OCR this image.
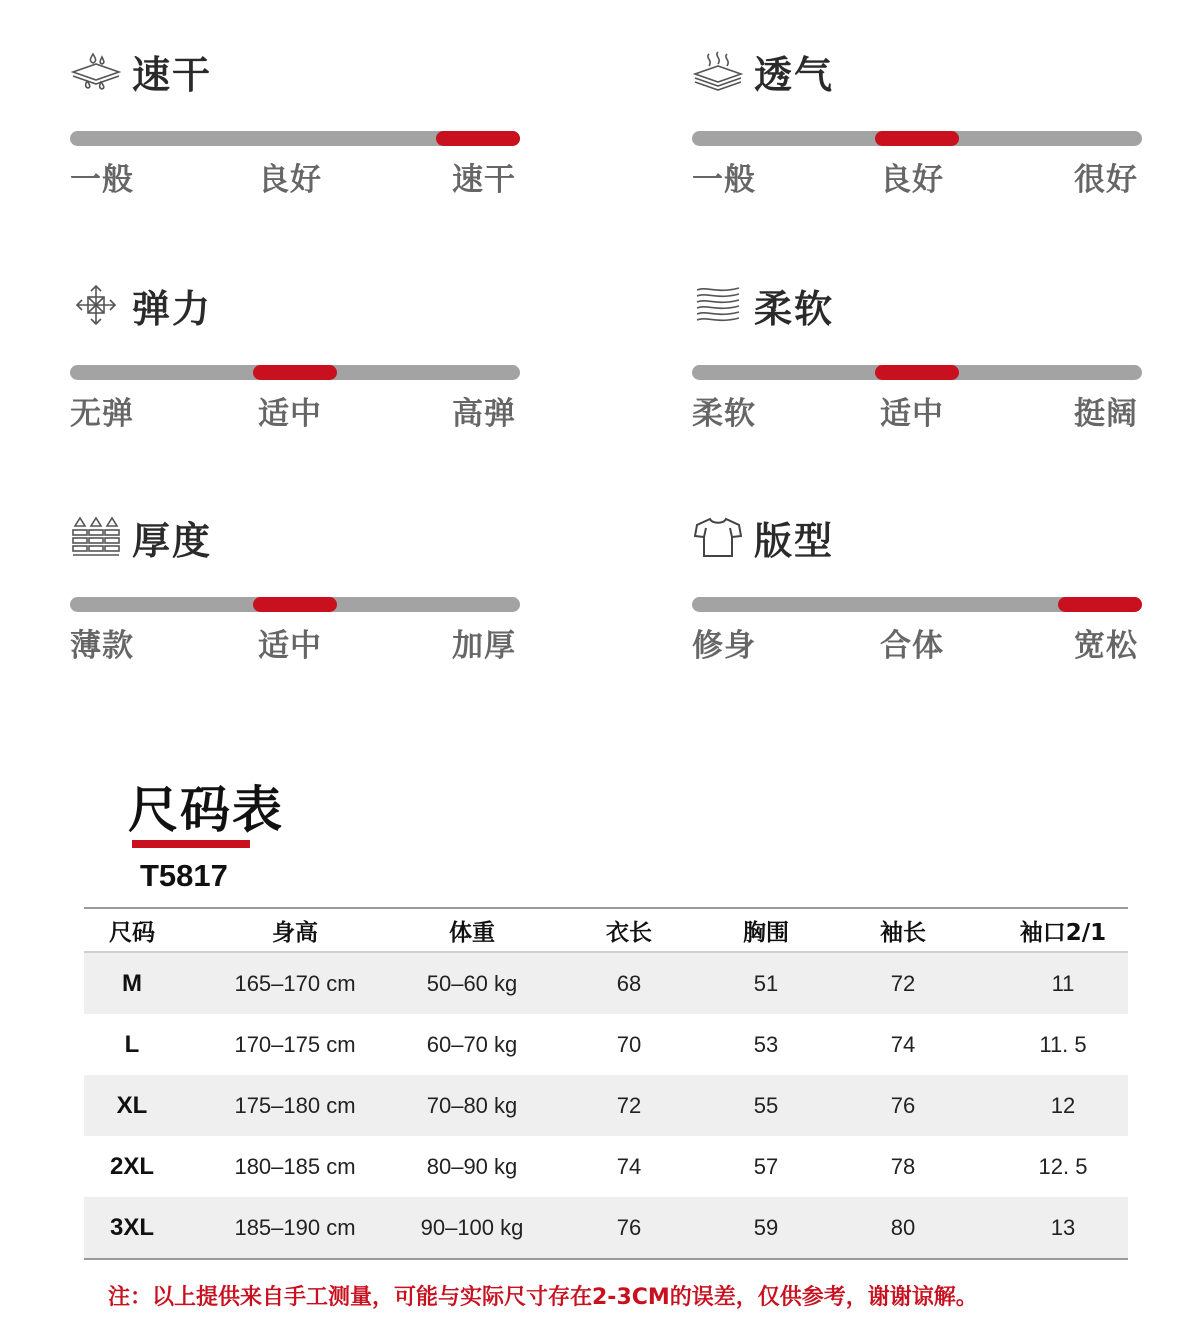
速干
一般	良好	速干
透气
一般	良好	很好
弹力
无弹	适中	高弹
柔软
柔软	适中	挺阔
厚度
薄款	适中	加厚
版型
修身	合体	宽松
尺码表
T5817
尺码	身高	体重	衣长	胸围	袖长	袖口2/1
M	165–170 cm	50–60 kg	68	51	72	11
L	170–175 cm	60–70 kg	70	53	74	11. 5
XL	175–180 cm	70–80 kg	72	55	76	12
2XL	180–185 cm	80–90 kg	74	57	78	12. 5
3XL	185–190 cm	90–100 kg	76	59	80	13
注：以上提供来自手工测量，可能与实际尺寸存在2-3CM的误差，仅供参考，谢谢谅解。
